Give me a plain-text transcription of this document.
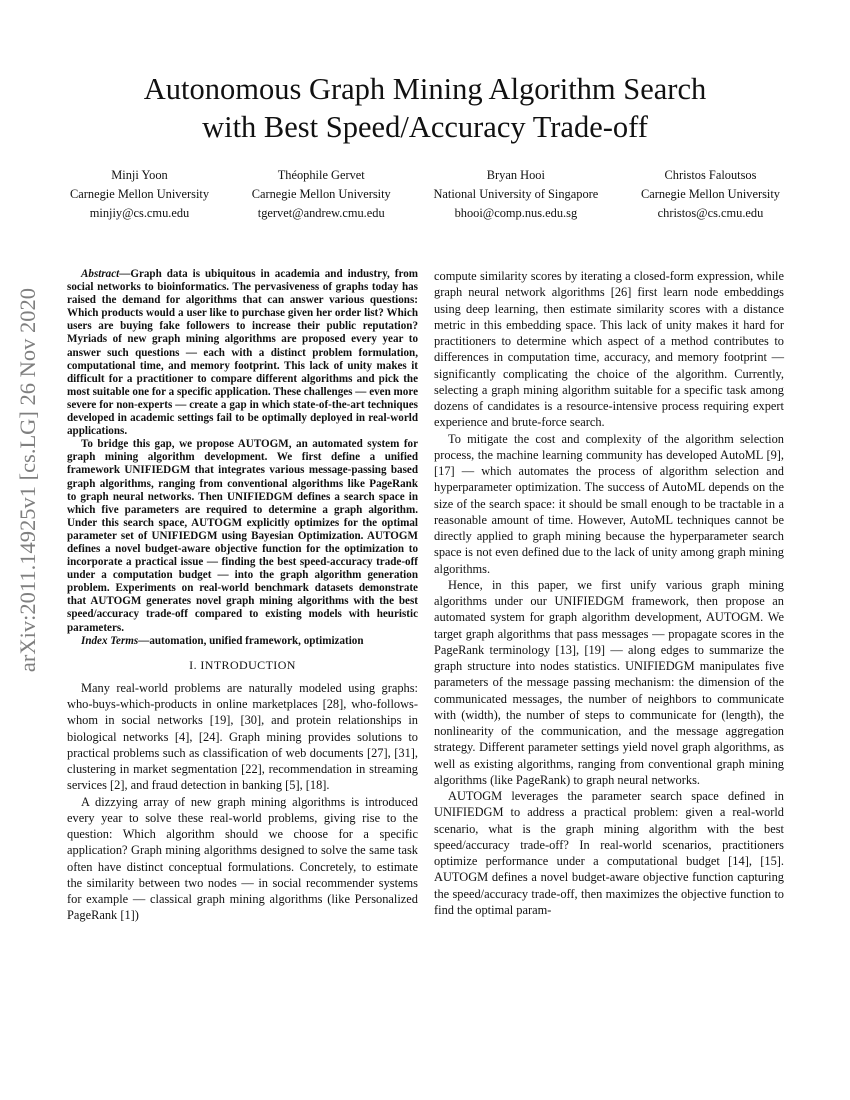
arXiv:2011.14925v1 [cs.LG] 26 Nov 2020
Autonomous Graph Mining Algorithm Search
with Best Speed/Accuracy Trade-off
Minji Yoon
Carnegie Mellon University
minjiy@cs.cmu.edu
Théophile Gervet
Carnegie Mellon University
tgervet@andrew.cmu.edu
Bryan Hooi
National University of Singapore
bhooi@comp.nus.edu.sg
Christos Faloutsos
Carnegie Mellon University
christos@cs.cmu.edu

Abstract—Graph data is ubiquitous in academia and industry, from social networks to bioinformatics. The pervasiveness of graphs today has raised the demand for algorithms that can answer various questions: Which products would a user like to purchase given her order list? Which users are buying fake followers to increase their public reputation? Myriads of new graph mining algorithms are proposed every year to answer such questions — each with a distinct problem formulation, computational time, and memory footprint. This lack of unity makes it difficult for a practitioner to compare different algorithms and pick the most suitable one for a specific application. These challenges — even more severe for non-experts — create a gap in which state-of-the-art techniques developed in academic settings fail to be optimally deployed in real-world applications.

To bridge this gap, we propose AUTOGM, an automated system for graph mining algorithm development. We first define a unified framework UNIFIEDGM that integrates various message-passing based graph algorithms, ranging from conventional algorithms like PageRank to graph neural networks. Then UNIFIEDGM defines a search space in which five parameters are required to determine a graph algorithm. Under this search space, AUTOGM explicitly optimizes for the optimal parameter set of UNIFIEDGM using Bayesian Optimization. AUTOGM defines a novel budget-aware objective function for the optimization to incorporate a practical issue — finding the best speed-accuracy trade-off under a computation budget — into the graph algorithm generation problem. Experiments on real-world benchmark datasets demonstrate that AUTOGM generates novel graph mining algorithms with the best speed/accuracy trade-off compared to existing models with heuristic parameters.

Index Terms—automation, unified framework, optimization

I. INTRODUCTION

Many real-world problems are naturally modeled using graphs: who-buys-which-products in online marketplaces [28], who-follows-whom in social networks [19], [30], and protein relationships in biological networks [4], [24]. Graph mining provides solutions to practical problems such as classification of web documents [27], [31], clustering in market segmentation [22], recommendation in streaming services [2], and fraud detection in banking [5], [18].

A dizzying array of new graph mining algorithms is introduced every year to solve these real-world problems, giving rise to the question: Which algorithm should we choose for a specific application? Graph mining algorithms designed to solve the same task often have distinct conceptual formulations. Concretely, to estimate the similarity between two nodes — in social recommender systems for example — classical graph mining algorithms (like Personalized PageRank [1])

compute similarity scores by iterating a closed-form expression, while graph neural network algorithms [26] first learn node embeddings using deep learning, then estimate similarity scores with a distance metric in this embedding space. This lack of unity makes it hard for practitioners to determine which aspect of a method contributes to differences in computation time, accuracy, and memory footprint — significantly complicating the choice of the algorithm. Currently, selecting a graph mining algorithm suitable for a specific task among dozens of candidates is a resource-intensive process requiring expert experience and brute-force search.

To mitigate the cost and complexity of the algorithm selection process, the machine learning community has developed AutoML [9], [17] — which automates the process of algorithm selection and hyperparameter optimization. The success of AutoML depends on the size of the search space: it should be small enough to be tractable in a reasonable amount of time. However, AutoML techniques cannot be directly applied to graph mining because the hyperparameter search space is not even defined due to the lack of unity among graph mining algorithms.

Hence, in this paper, we first unify various graph mining algorithms under our UNIFIEDGM framework, then propose an automated system for graph algorithm development, AUTOGM. We target graph algorithms that pass messages — propagate scores in the PageRank terminology [13], [19] — along edges to summarize the graph structure into nodes statistics. UNIFIEDGM manipulates five parameters of the message passing mechanism: the dimension of the communicated messages, the number of neighbors to communicate with (width), the number of steps to communicate for (length), the nonlinearity of the communication, and the message aggregation strategy. Different parameter settings yield novel graph algorithms, as well as existing algorithms, ranging from conventional graph mining algorithms (like PageRank) to graph neural networks.

AUTOGM leverages the parameter search space defined in UNIFIEDGM to address a practical problem: given a real-world scenario, what is the graph mining algorithm with the best speed/accuracy trade-off? In real-world scenarios, practitioners optimize performance under a computational budget [14], [15]. AUTOGM defines a novel budget-aware objective function capturing the speed/accuracy trade-off, then maximizes the objective function to find the optimal param-
